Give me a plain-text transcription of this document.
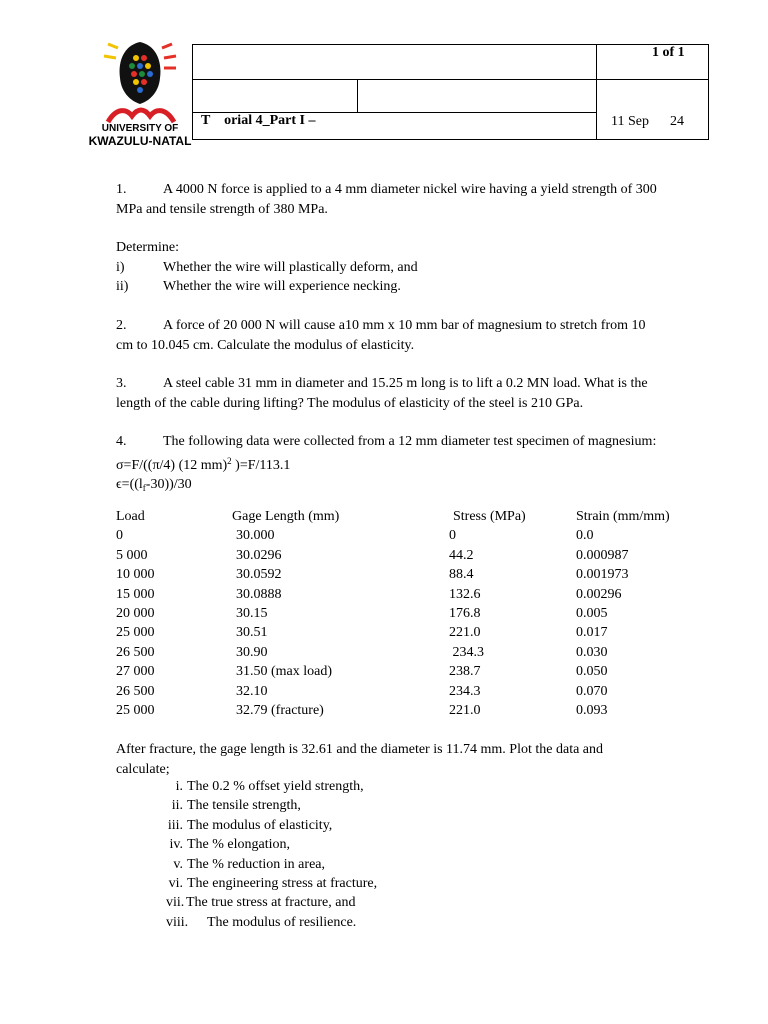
UNIVERSITY OF
KWAZULU-NATAL
1 of 1
T    orial 4_Part I –	11 Sep      24
1.	A 4000 N force is applied to a 4 mm diameter nickel wire having a yield strength of 300
MPa and tensile strength of 380 MPa.
Determine:
i)	Whether the wire will plastically deform, and
ii) Whether the wire will experience necking.
2.	A force of 20 000 N will cause a10 mm x 10 mm bar of magnesium to stretch from 10
cm to 10.045 cm. Calculate the modulus of elasticity.
3.	A steel cable 31 mm in diameter and 15.25 m long is to lift a 0.2 MN load. What is the
length of the cable during lifting? The modulus of elasticity of the steel is 210 GPa.
4.	The following data were collected from a 12 mm diameter test specimen of magnesium:
σ=F/((π/4) (12 mm)$^2$ )=F/113.1
$\epsilon=((l_f-30))/30$
Load	Gage Length (mm)	Stress (MPa)	Strain (mm/mm)
0	30.000	0	0.0
5 000	30.0296	44.2	0.000987
10 000	30.0592	88.4	0.001973
15 000	30.0888	132.6	0.00296
20 000	30.15	176.8	0.005
25 000	30.51	221.0	0.017
26 500	30.90	234.3	0.030
27 000	31.50 (max load)	238.7	0.050
26 500	32.10	234.3	0.070
25 000	32.79 (fracture)	221.0	0.093
After fracture, the gage length is 32.61 and the diameter is 11.74 mm. Plot the data and
calculate;
i. The 0.2 % offset yield strength,
ii. The tensile strength,
iii. The modulus of elasticity,
iv. The % elongation,
v. The % reduction in area,
vi. The engineering stress at fracture,
vii. The true stress at fracture, and
viii. The modulus of resilience.
